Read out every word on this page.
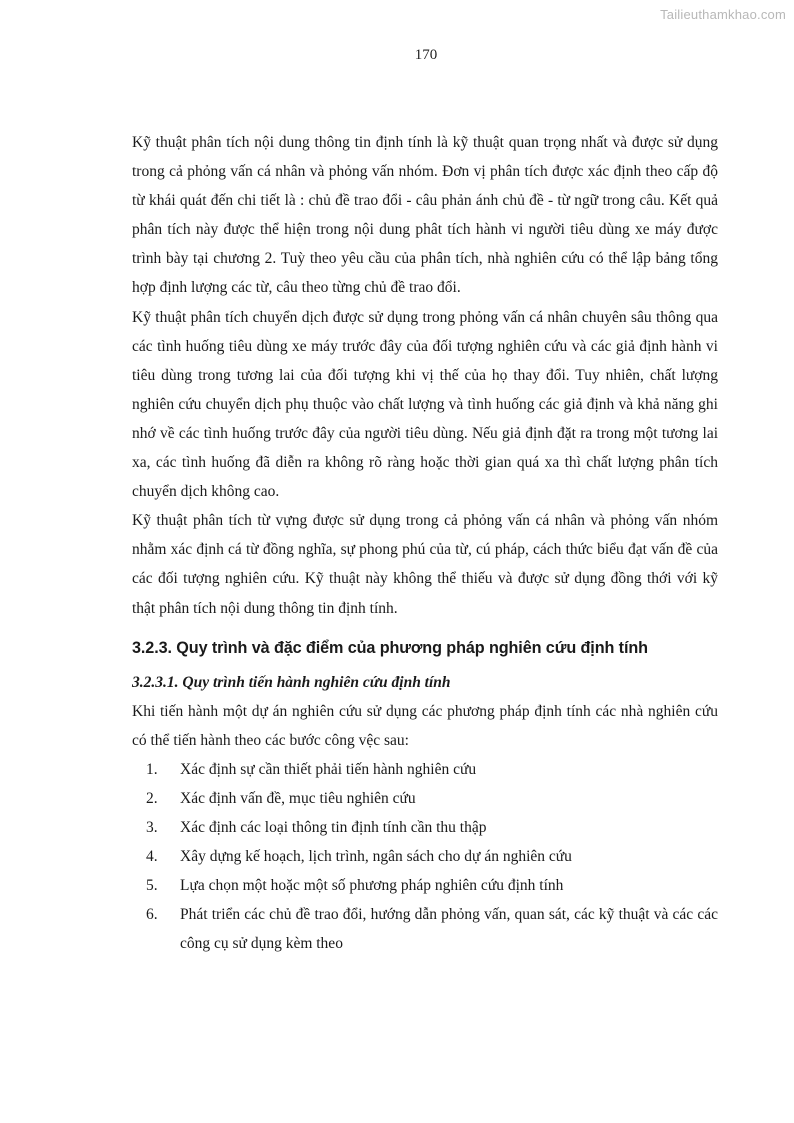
Tailieuthamkhao.com
170

Kỹ thuật phân tích nội dung thông tin định tính là kỹ thuật quan trọng nhất và được sử dụng trong cả phỏng vấn cá nhân và phỏng vấn nhóm. Đơn vị phân tích được xác định theo cấp độ từ khái quát đến chi tiết là : chủ đề trao đổi - câu phản ánh chủ đề - từ ngữ trong câu. Kết quả phân tích này được thể hiện trong nội dung phât tích hành vi người tiêu dùng xe máy được trình bày tại chương 2. Tuỳ theo yêu cầu của phân tích, nhà nghiên cứu có thể lập bảng tổng hợp định lượng các từ, câu theo từng chủ đề trao đổi.

Kỹ thuật phân tích chuyển dịch được sử dụng trong phỏng vấn cá nhân chuyên sâu thông qua các tình huống tiêu dùng xe máy trước đây của đối tượng nghiên cứu và các giả định hành vi tiêu dùng trong tương lai của đối tượng khi vị thế của họ thay đổi. Tuy nhiên, chất lượng nghiên cứu chuyển dịch phụ thuộc vào chất lượng và tình huống các giả định và khả năng ghi nhớ về các tình huống trước đây của người tiêu dùng. Nếu giả định đặt ra trong một tương lai xa, các tình huống đã diễn ra không rõ ràng hoặc thời gian quá xa thì chất lượng phân tích chuyển dịch không cao.

Kỹ thuật phân tích từ vựng được sử dụng trong cả phỏng vấn cá nhân và phỏng vấn nhóm nhằm xác định cá từ đồng nghĩa, sự phong phú của từ, cú pháp, cách thức biểu đạt vấn đề của các đối tượng nghiên cứu. Kỹ thuật này không thể thiếu và được sử dụng đồng thới với kỹ thật phân tích nội dung thông tin định tính.

3.2.3. Quy trình và đặc điểm của phương pháp nghiên cứu định tính
3.2.3.1. Quy trình tiến hành nghiên cứu định tính

Khi tiến hành một dự án nghiên cứu sử dụng các phương pháp định tính các nhà nghiên cứu có thể tiến hành theo các bước công vệc sau:

1.	Xác định sự cần thiết phải tiến hành nghiên cứu
2.	Xác định vấn đề, mục tiêu nghiên cứu
3.	Xác định các loại thông tin định tính cần thu thập
4.	Xây dựng kế hoạch, lịch trình, ngân sách cho dự án nghiên cứu
5.	Lựa chọn một hoặc một số phương pháp nghiên cứu định tính
6.	Phát triển các chủ đề trao đổi, hướng dẫn phỏng vấn, quan sát, các kỹ thuật và các các công cụ sử dụng kèm theo
